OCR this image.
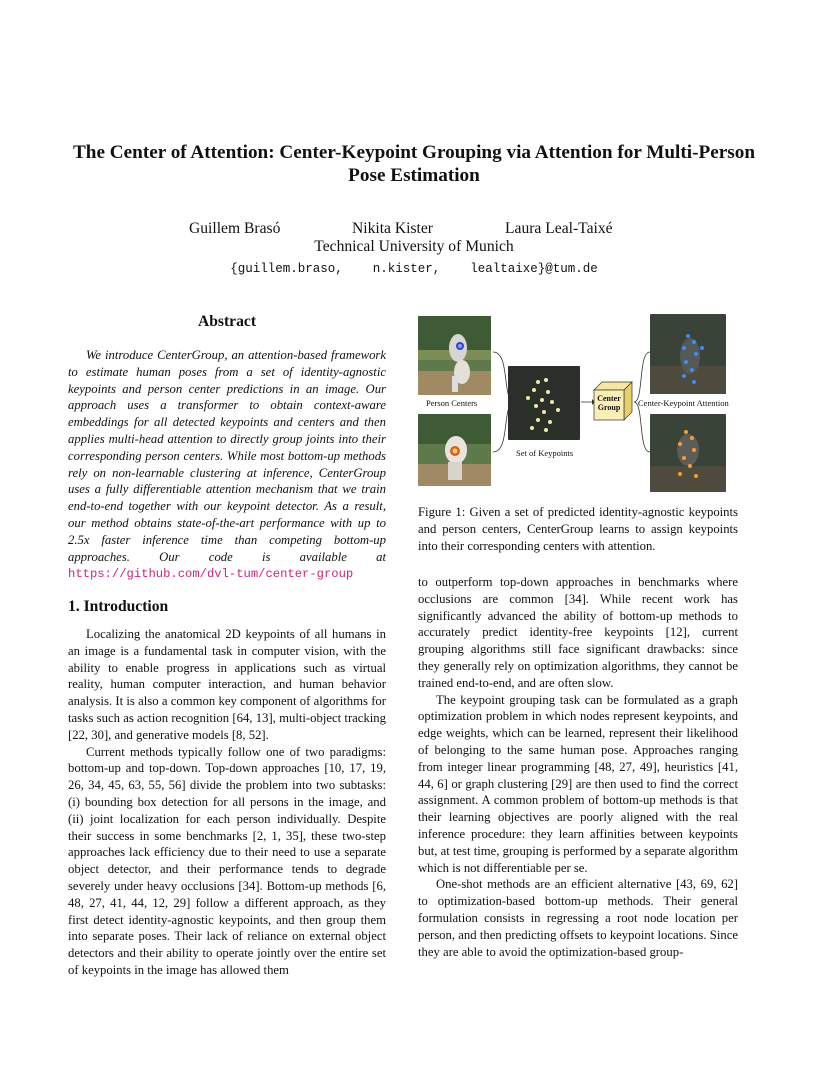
The Center of Attention: Center-Keypoint Grouping via Attention for Multi-Person Pose Estimation
Guillem Brasó	Nikita Kister	Laura Leal-Taixé
Technical University of Munich
{guillem.braso,    n.kister,    lealtaixe}@tum.de
Abstract
We introduce CenterGroup, an attention-based framework to estimate human poses from a set of identity-agnostic keypoints and person center predictions in an image. Our approach uses a transformer to obtain context-aware embeddings for all detected keypoints and centers and then applies multi-head attention to directly group joints into their corresponding person centers. While most bottom-up methods rely on non-learnable clustering at inference, CenterGroup uses a fully differentiable attention mechanism that we train end-to-end together with our keypoint detector. As a result, our method obtains state-of-the-art performance with up to 2.5x faster inference time than competing bottom-up approaches. Our code is available at https://github.com/dvl-tum/center-group
Person Centers
Set of Keypoints
Center Group	Center-Keypoint Attention
Figure 1: Given a set of predicted identity-agnostic keypoints and person centers, CenterGroup learns to assign keypoints into their corresponding centers with attention.
1. Introduction

Localizing the anatomical 2D keypoints of all humans in an image is a fundamental task in computer vision, with the ability to enable progress in applications such as virtual reality, human computer interaction, and human behavior analysis. It is also a common key component of algorithms for tasks such as action recognition [64, 13], multi-object tracking [22, 30], and generative models [8, 52].

Current methods typically follow one of two paradigms: bottom-up and top-down. Top-down approaches [10, 17, 19, 26, 34, 45, 63, 55, 56] divide the problem into two subtasks: (i) bounding box detection for all persons in the image, and (ii) joint localization for each person individually. Despite their success in some benchmarks [2, 1, 35], these two-step approaches lack efficiency due to their need to use a separate object detector, and their performance tends to degrade severely under heavy occlusions [34]. Bottom-up methods [6, 48, 27, 41, 44, 12, 29] follow a different approach, as they first detect identity-agnostic keypoints, and then group them into separate poses. Their lack of reliance on external object detectors and their ability to operate jointly over the entire set of keypoints in the image has allowed them

to outperform top-down approaches in benchmarks where occlusions are common [34]. While recent work has significantly advanced the ability of bottom-up methods to accurately predict identity-free keypoints [12], current grouping algorithms still face significant drawbacks: since they generally rely on optimization algorithms, they cannot be trained end-to-end, and are often slow.

The keypoint grouping task can be formulated as a graph optimization problem in which nodes represent keypoints, and edge weights, which can be learned, represent their likelihood of belonging to the same human pose. Approaches ranging from integer linear programming [48, 27, 49], heuristics [41, 44, 6] or graph clustering [29] are then used to find the correct assignment. A common problem of bottom-up methods is that their learning objectives are poorly aligned with the real inference procedure: they learn affinities between keypoints but, at test time, grouping is performed by a separate algorithm which is not differentiable per se.

One-shot methods are an efficient alternative [43, 69, 62] to optimization-based bottom-up methods. Their general formulation consists in regressing a root node location per person, and then predicting offsets to keypoint locations. Since they are able to avoid the optimization-based group-
